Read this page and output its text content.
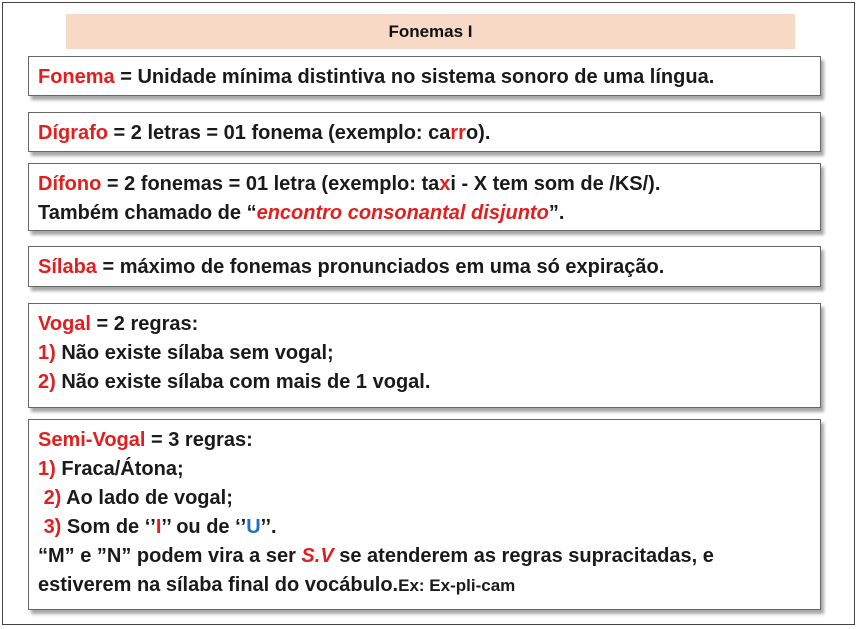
Fonemas I
Fonema = Unidade mínima distintiva no sistema sonoro de uma língua.
Dígrafo = 2 letras = 01 fonema (exemplo: carro).
Dífono = 2 fonemas = 01 letra (exemplo: taxi - X tem som de /KS/).
Também chamado de “encontro consonantal disjunto”.
Sílaba = máximo de fonemas pronunciados em uma só expiração.
Vogal = 2 regras:
1) Não existe sílaba sem vogal;
2) Não existe sílaba com mais de 1 vogal.
Semi-Vogal = 3 regras:
1) Fraca/Átona;
2) Ao lado de vogal;
3) Som de ‘’I’’ ou de ‘’U’’.
“M” e ”N” podem vira a ser S.V se atenderem as regras supracitadas, e
estiverem na sílaba final do vocábulo.Ex: Ex-pli-cam
